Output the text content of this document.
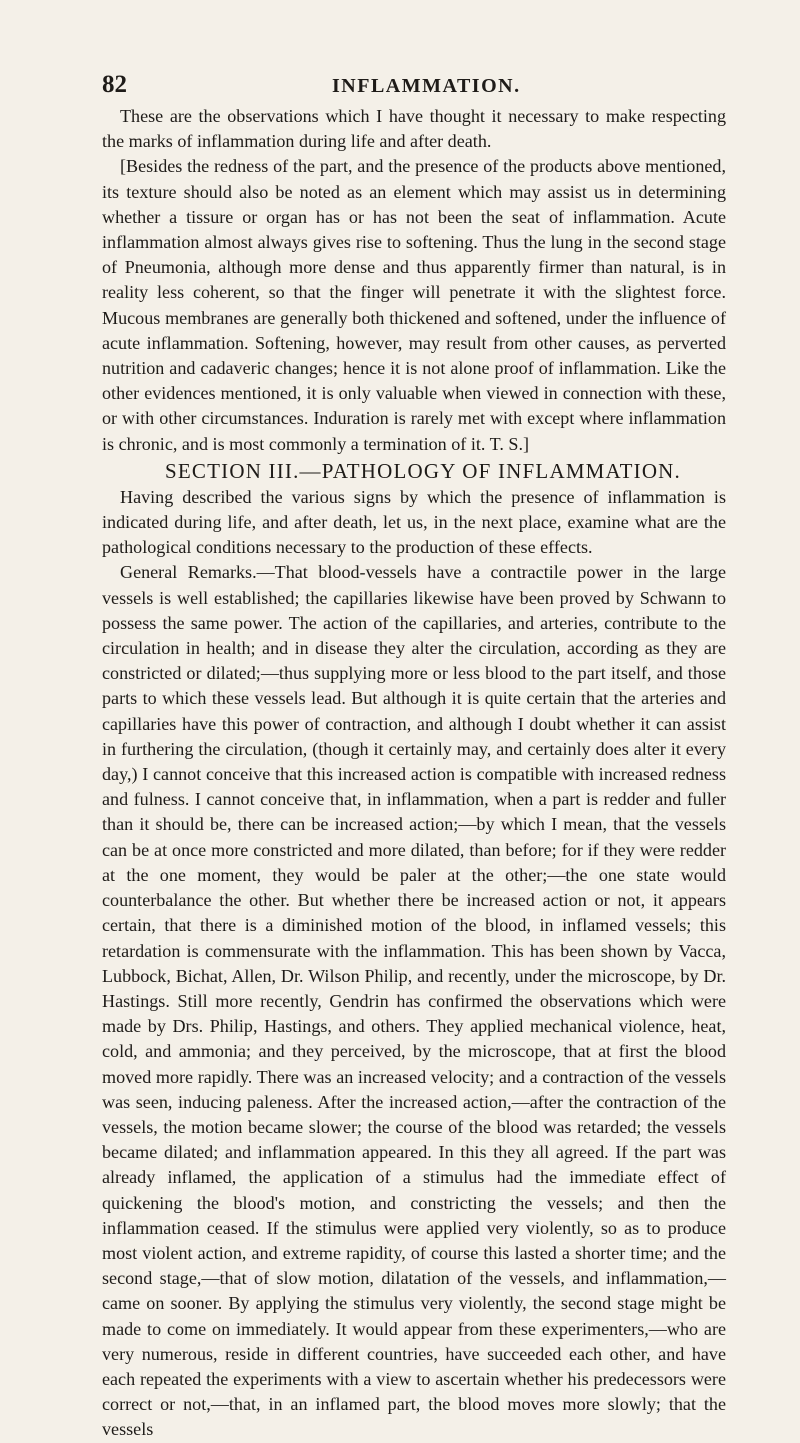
82	INFLAMMATION.

These are the observations which I have thought it necessary to make respecting the marks of inflammation during life and after death.

[Besides the redness of the part, and the presence of the products above mentioned, its texture should also be noted as an element which may assist us in determining whether a tissure or organ has or has not been the seat of inflammation. Acute inflammation almost always gives rise to softening. Thus the lung in the second stage of Pneumonia, although more dense and thus apparently firmer than natural, is in reality less coherent, so that the finger will penetrate it with the slightest force. Mucous membranes are generally both thickened and softened, under the influence of acute inflammation. Softening, however, may result from other causes, as perverted nutrition and cadaveric changes; hence it is not alone proof of inflammation. Like the other evidences mentioned, it is only valuable when viewed in connection with these, or with other circumstances. Induration is rarely met with except where inflammation is chronic, and is most commonly a termination of it. T. S.]

SECTION III.—PATHOLOGY OF INFLAMMATION.

Having described the various signs by which the presence of inflammation is indicated during life, and after death, let us, in the next place, examine what are the pathological conditions necessary to the production of these effects.

General Remarks.—That blood-vessels have a contractile power in the large vessels is well established; the capillaries likewise have been proved by Schwann to possess the same power. The action of the capillaries, and arteries, contribute to the circulation in health; and in disease they alter the circulation, according as they are constricted or dilated;—thus supplying more or less blood to the part itself, and those parts to which these vessels lead. But although it is quite certain that the arteries and capillaries have this power of contraction, and although I doubt whether it can assist in furthering the circulation, (though it certainly may, and certainly does alter it every day,) I cannot conceive that this increased action is compatible with increased redness and fulness. I cannot conceive that, in inflammation, when a part is redder and fuller than it should be, there can be increased action;—by which I mean, that the vessels can be at once more constricted and more dilated, than before; for if they were redder at the one moment, they would be paler at the other;—the one state would counterbalance the other. But whether there be increased action or not, it appears certain, that there is a diminished motion of the blood, in inflamed vessels; this retardation is commensurate with the inflammation. This has been shown by Vacca, Lubbock, Bichat, Allen, Dr. Wilson Philip, and recently, under the microscope, by Dr. Hastings. Still more recently, Gendrin has confirmed the observations which were made by Drs. Philip, Hastings, and others. They applied mechanical violence, heat, cold, and ammonia; and they perceived, by the microscope, that at first the blood moved more rapidly. There was an increased velocity; and a contraction of the vessels was seen, inducing paleness. After the increased action,—after the contraction of the vessels, the motion became slower; the course of the blood was retarded; the vessels became dilated; and inflammation appeared. In this they all agreed. If the part was already inflamed, the application of a stimulus had the immediate effect of quickening the blood's motion, and constricting the vessels; and then the inflammation ceased. If the stimulus were applied very violently, so as to produce most violent action, and extreme rapidity, of course this lasted a shorter time; and the second stage,—that of slow motion, dilatation of the vessels, and inflammation,—came on sooner. By applying the stimulus very violently, the second stage might be made to come on immediately. It would appear from these experimenters,—who are very numerous, reside in different countries, have succeeded each other, and have each repeated the experiments with a view to ascertain whether his predecessors were correct or not,—that, in an inflamed part, the blood moves more slowly; that the vessels
